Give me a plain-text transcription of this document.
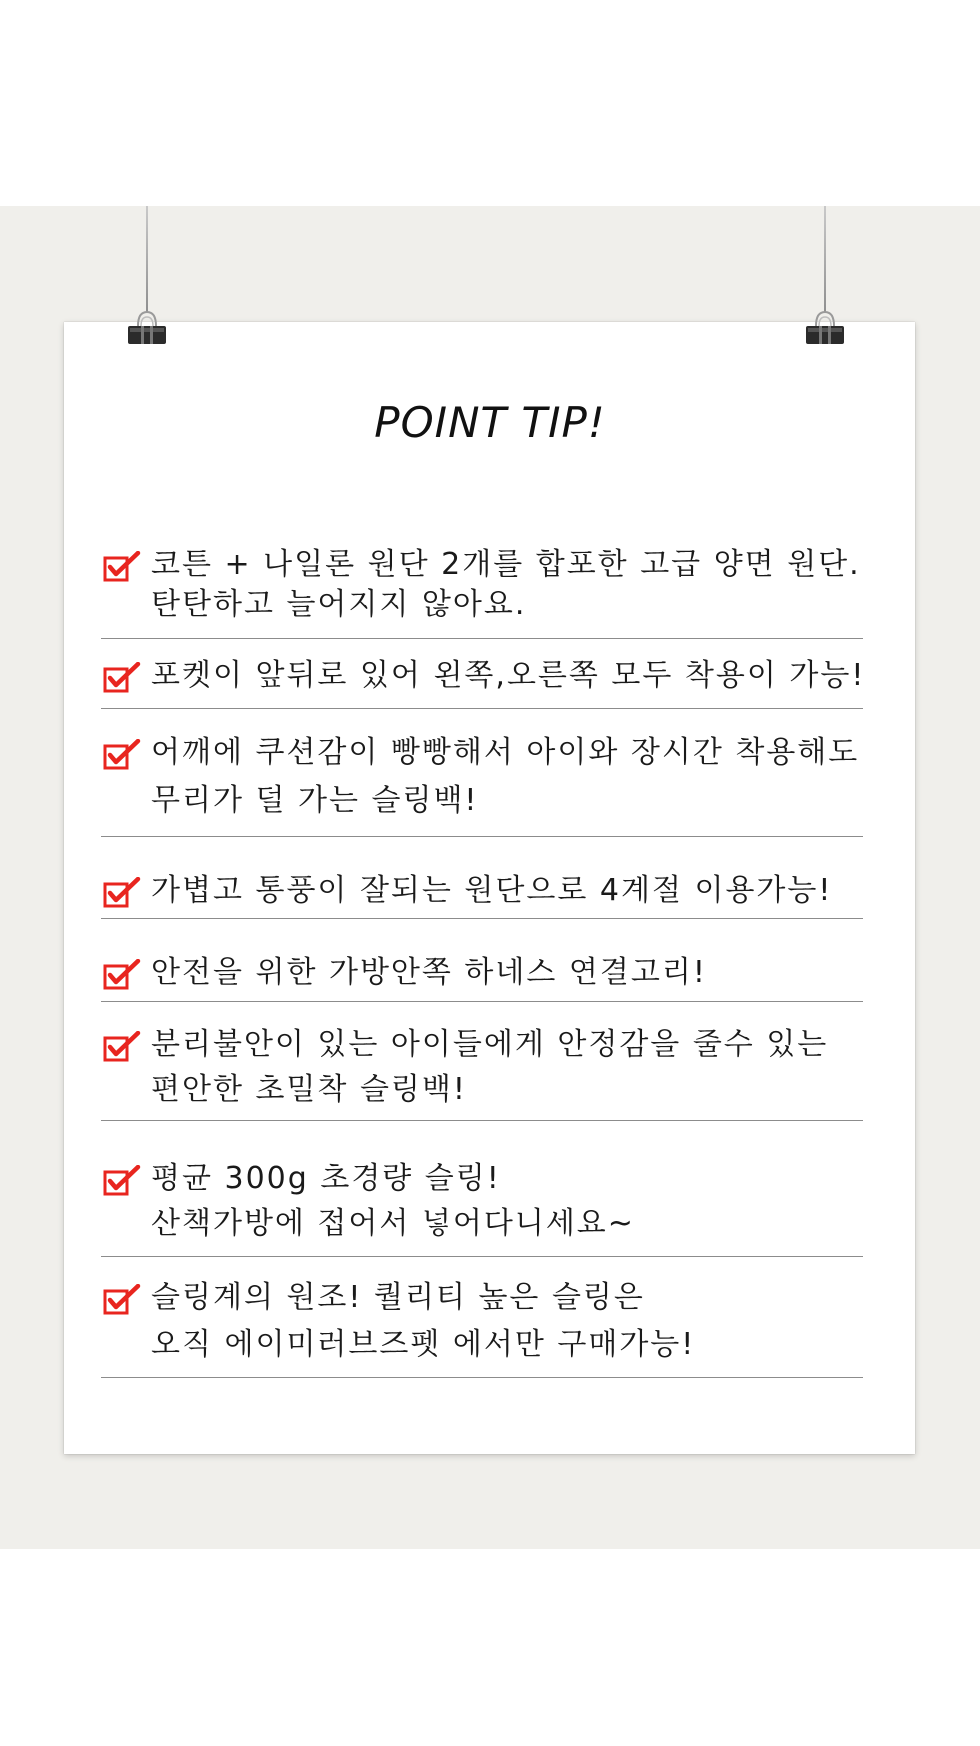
POINT TIP!
코튼 + 나일론 원단 2개를 합포한 고급 양면 원단.
탄탄하고 늘어지지 않아요.
포켓이 앞뒤로 있어 왼쪽,오른쪽 모두 착용이 가능!
어깨에 쿠션감이 빵빵해서 아이와 장시간 착용해도
무리가 덜 가는 슬링백!
가볍고 통풍이 잘되는 원단으로 4계절 이용가능!
안전을 위한 가방안쪽 하네스 연결고리!
분리불안이 있는 아이들에게 안정감을 줄수 있는
편안한 초밀착 슬링백!
평균 300g 초경량 슬링!
산책가방에 접어서 넣어다니세요~
슬링계의 원조! 퀄리티 높은 슬링은
오직 에이미러브즈펫 에서만 구매가능!
